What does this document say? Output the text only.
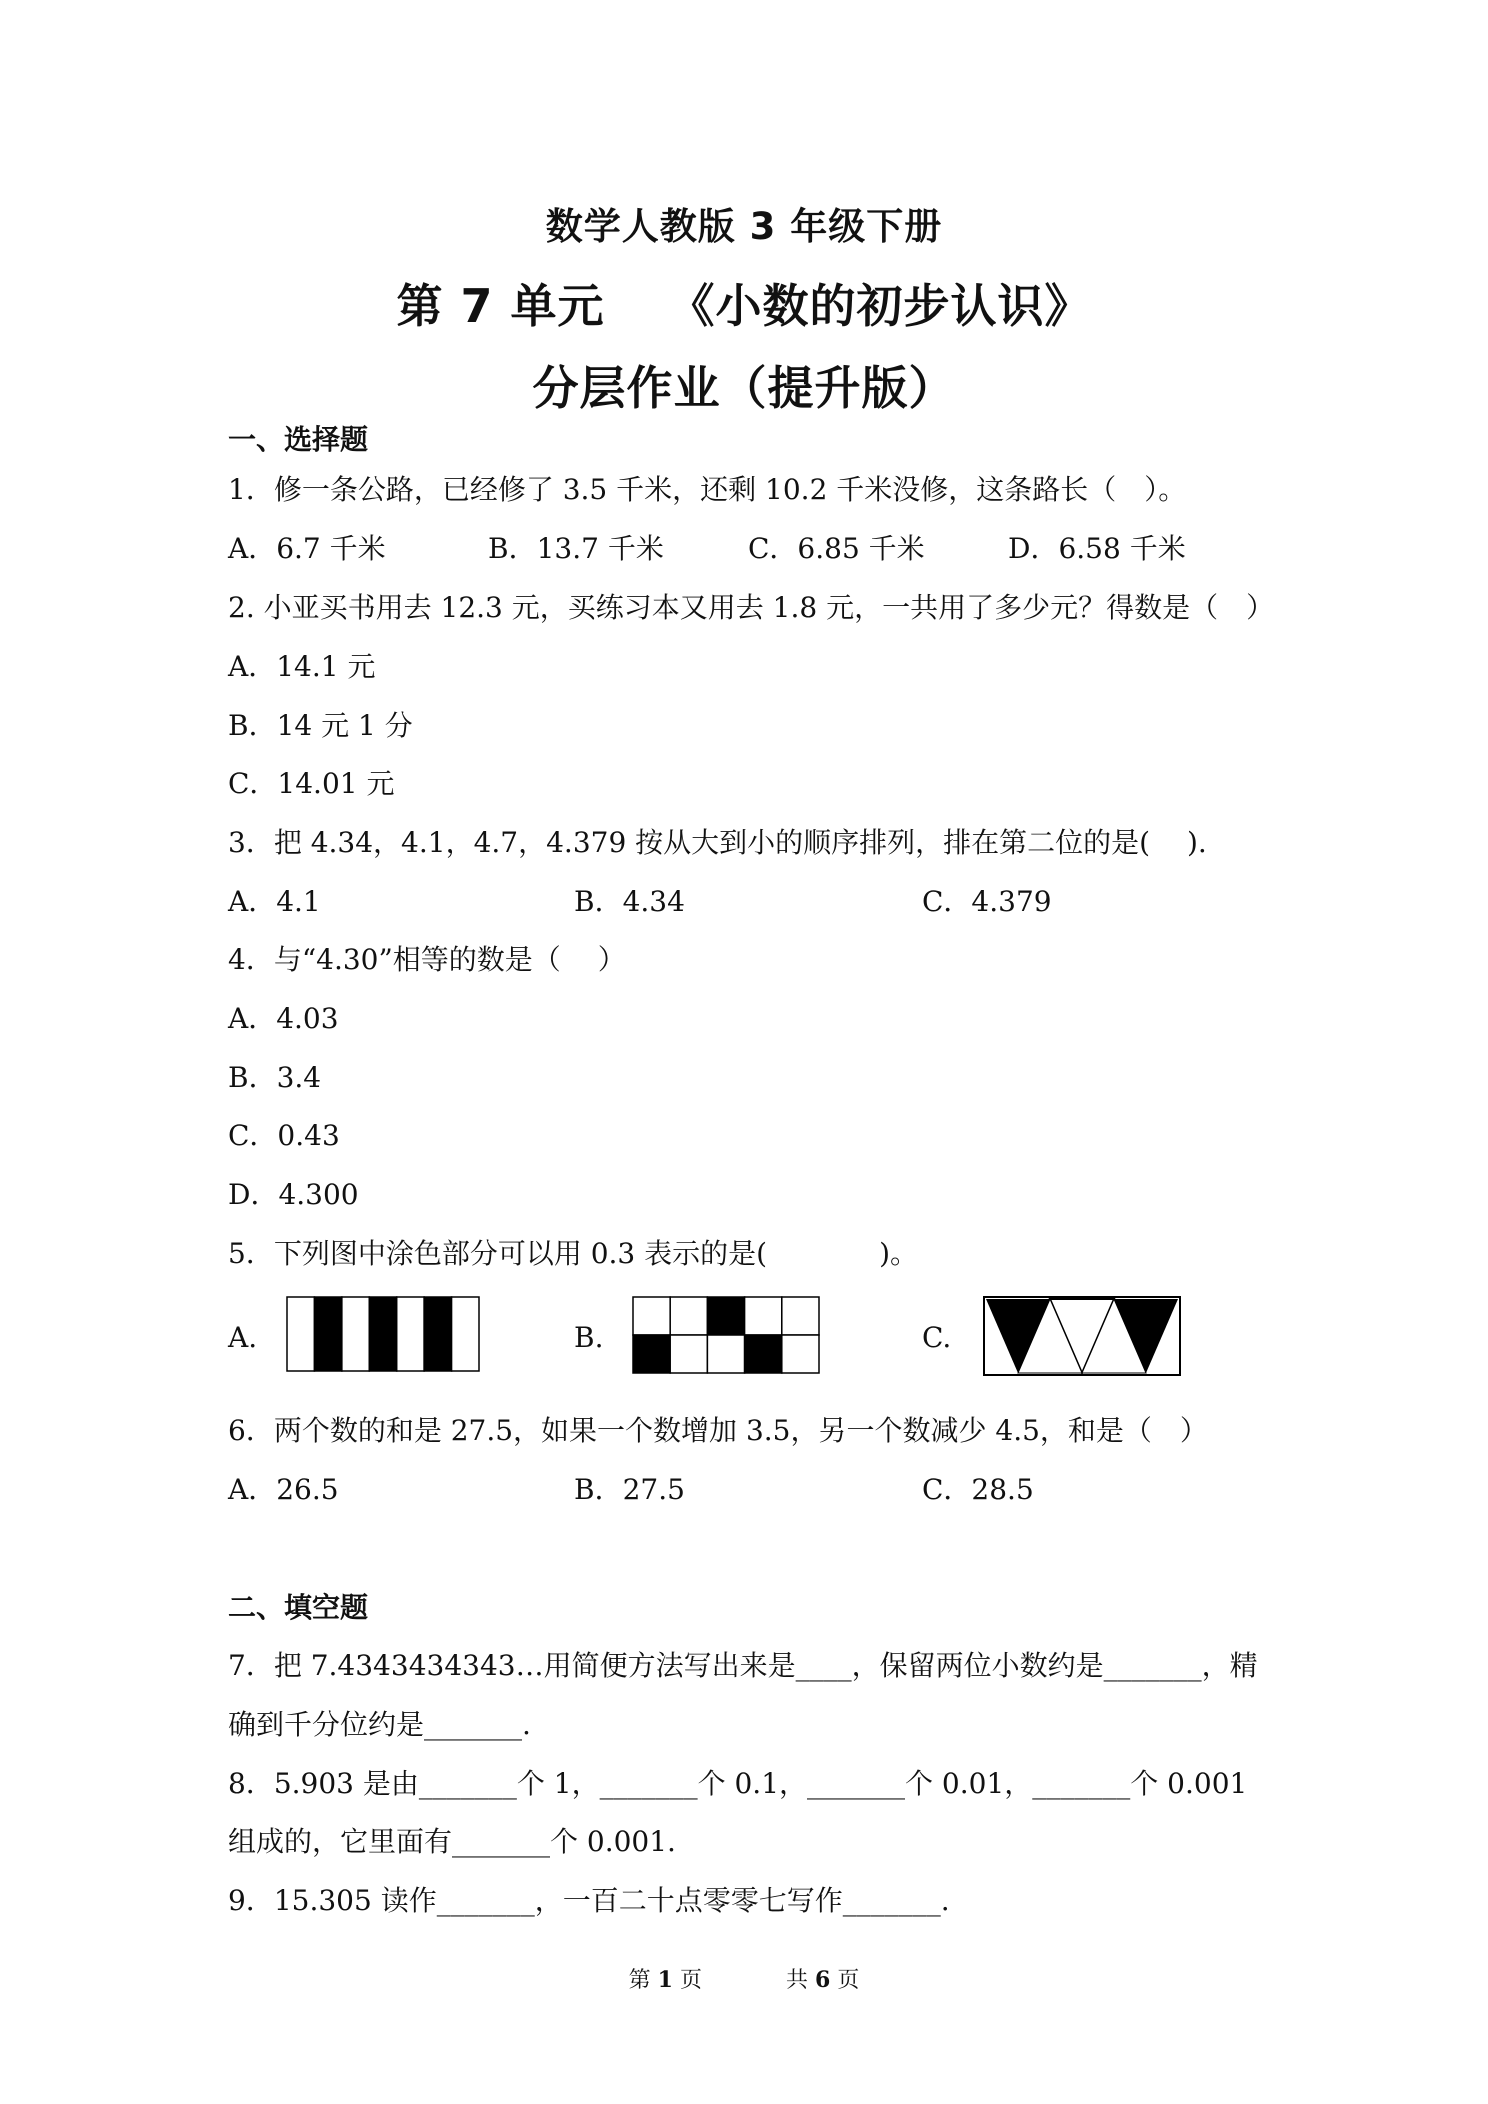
数学人教版 3 年级下册
第 7 单元　 《小数的初步认识》
分层作业（提升版）
一、选择题
1．修一条公路，已经修了 3.5 千米，还剩 10.2 千米没修，这条路长（　）。
A．6.7 千米	B．13.7 千米	C．6.85 千米	D．6.58 千米
2. 小亚买书用去 12.3 元，买练习本又用去 1.8 元，一共用了多少元？得数是（　）
A．14.1 元
B．14 元 1 分
C．14.01 元
3．把 4.34，4.1，4.7，4.379 按从大到小的顺序排列，排在第二位的是(　 ).
A．4.1	B．4.34	C．4.379
4．与“4.30”相等的数是（　 ）
A．4.03
B．3.4
C．0.43
D．4.300
5．下列图中涂色部分可以用 0.3 表示的是(　　　　)。
A.	B.	C.
6．两个数的和是 27.5，如果一个数增加 3.5，另一个数减少 4.5，和是（　）
A．26.5	B．27.5	C．28.5
二、填空题
7．把 7.4343434343…用简便方法写出来是____，保留两位小数约是_______，精
确到千分位约是_______.
8．5.903 是由_______个 1，_______个 0.1，_______个 0.01，_______个 0.001
组成的，它里面有_______个 0.001.
9．15.305 读作_______，一百二十点零零七写作_______.
第 1 页	共 6 页
